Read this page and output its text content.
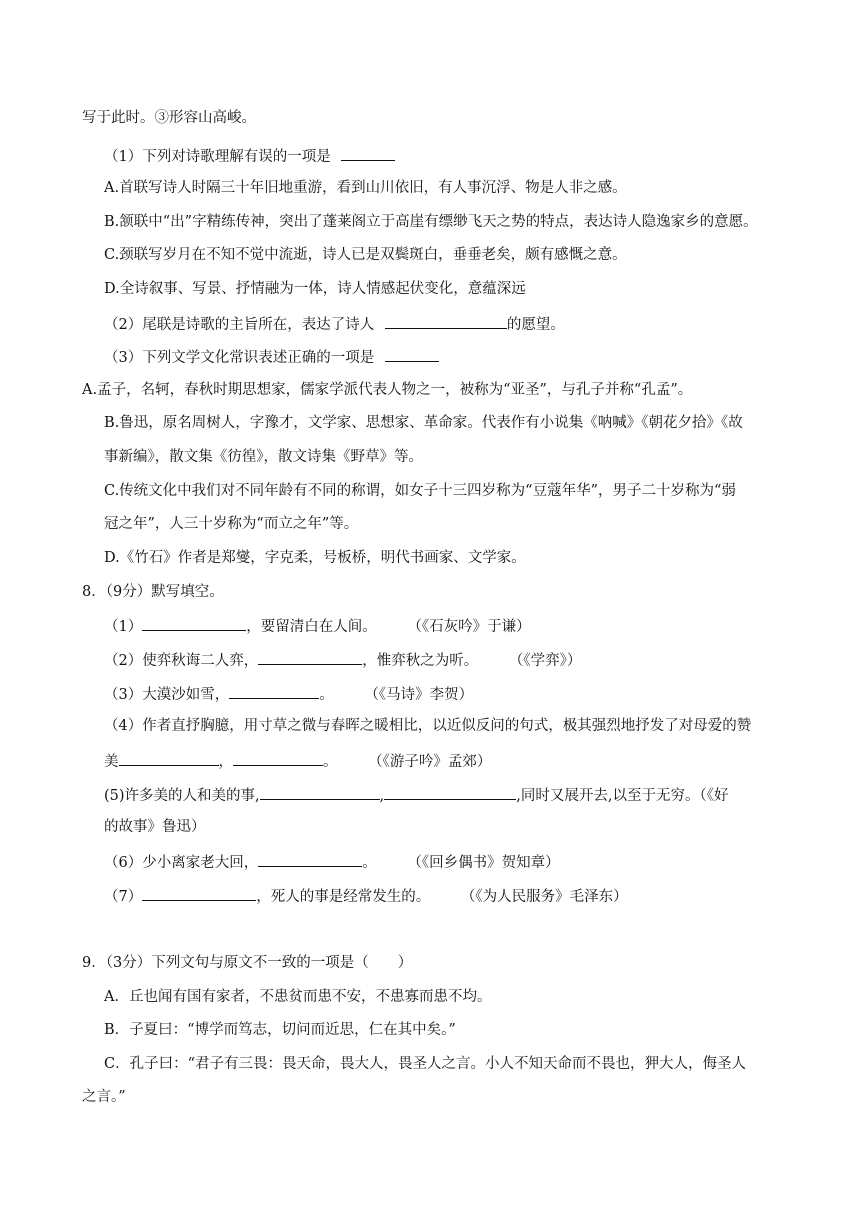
写于此时。③形容山高峻。
（1）下列对诗歌理解有误的一项是
A.首联写诗人时隔三十年旧地重游，看到山川依旧，有人事沉浮、物是人非之感。
B.颔联中“出”字精练传神，突出了蓬莱阁立于高崖有缥缈飞天之势的特点，表达诗人隐逸家乡的意愿。
C.颈联写岁月在不知不觉中流逝，诗人已是双鬓斑白，垂垂老矣，颇有感慨之意。
D.全诗叙事、写景、抒情融为一体，诗人情感起伏变化，意蕴深远
（2）尾联是诗歌的主旨所在，表达了诗人	的愿望。
（3）下列文学文化常识表述正确的一项是
A.孟子，名轲，春秋时期思想家，儒家学派代表人物之一，被称为“亚圣”，与孔子并称“孔孟”。
B.鲁迅，原名周树人，字豫才，文学家、思想家、革命家。代表作有小说集《呐喊》《朝花夕拾》《故
事新编》，散文集《彷徨》，散文诗集《野草》等。
C.传统文化中我们对不同年龄有不同的称谓，如女子十三四岁称为“豆蔻年华”，男子二十岁称为“弱
冠之年”，人三十岁称为“而立之年”等。
D.《竹石》作者是郑燮，字克柔，号板桥，明代书画家、文学家。
8．（9分）默写填空。
（1）	，要留清白在人间。 （《石灰吟》于谦）
（2）使弈秋诲二人弈，	，惟弈秋之为听。 （《学弈》）
（3）大漠沙如雪，	。 （《马诗》李贺）
（4）作者直抒胸臆，用寸草之微与春晖之暖相比，以近似反问的句式，极其强烈地抒发了对母爱的赞
美	，	。 （《游子吟》孟郊）
(5)许多美的人和美的事,	,	,同时又展开去,以至于无穷。（《好
的故事》鲁迅）
（6）少小离家老大回，	。 （《回乡偶书》贺知章）
（7）	，死人的事是经常发生的。 （《为人民服务》毛泽东）
9．（3分）下列文句与原文不一致的一项是（　　）
A．丘也闻有国有家者，不患贫而患不安，不患寡而患不均。
B．子夏曰：“博学而笃志，切问而近思，仁在其中矣。”
C．孔子曰：“君子有三畏：畏天命，畏大人，畏圣人之言。小人不知天命而不畏也，狎大人，侮圣人
之言。”
